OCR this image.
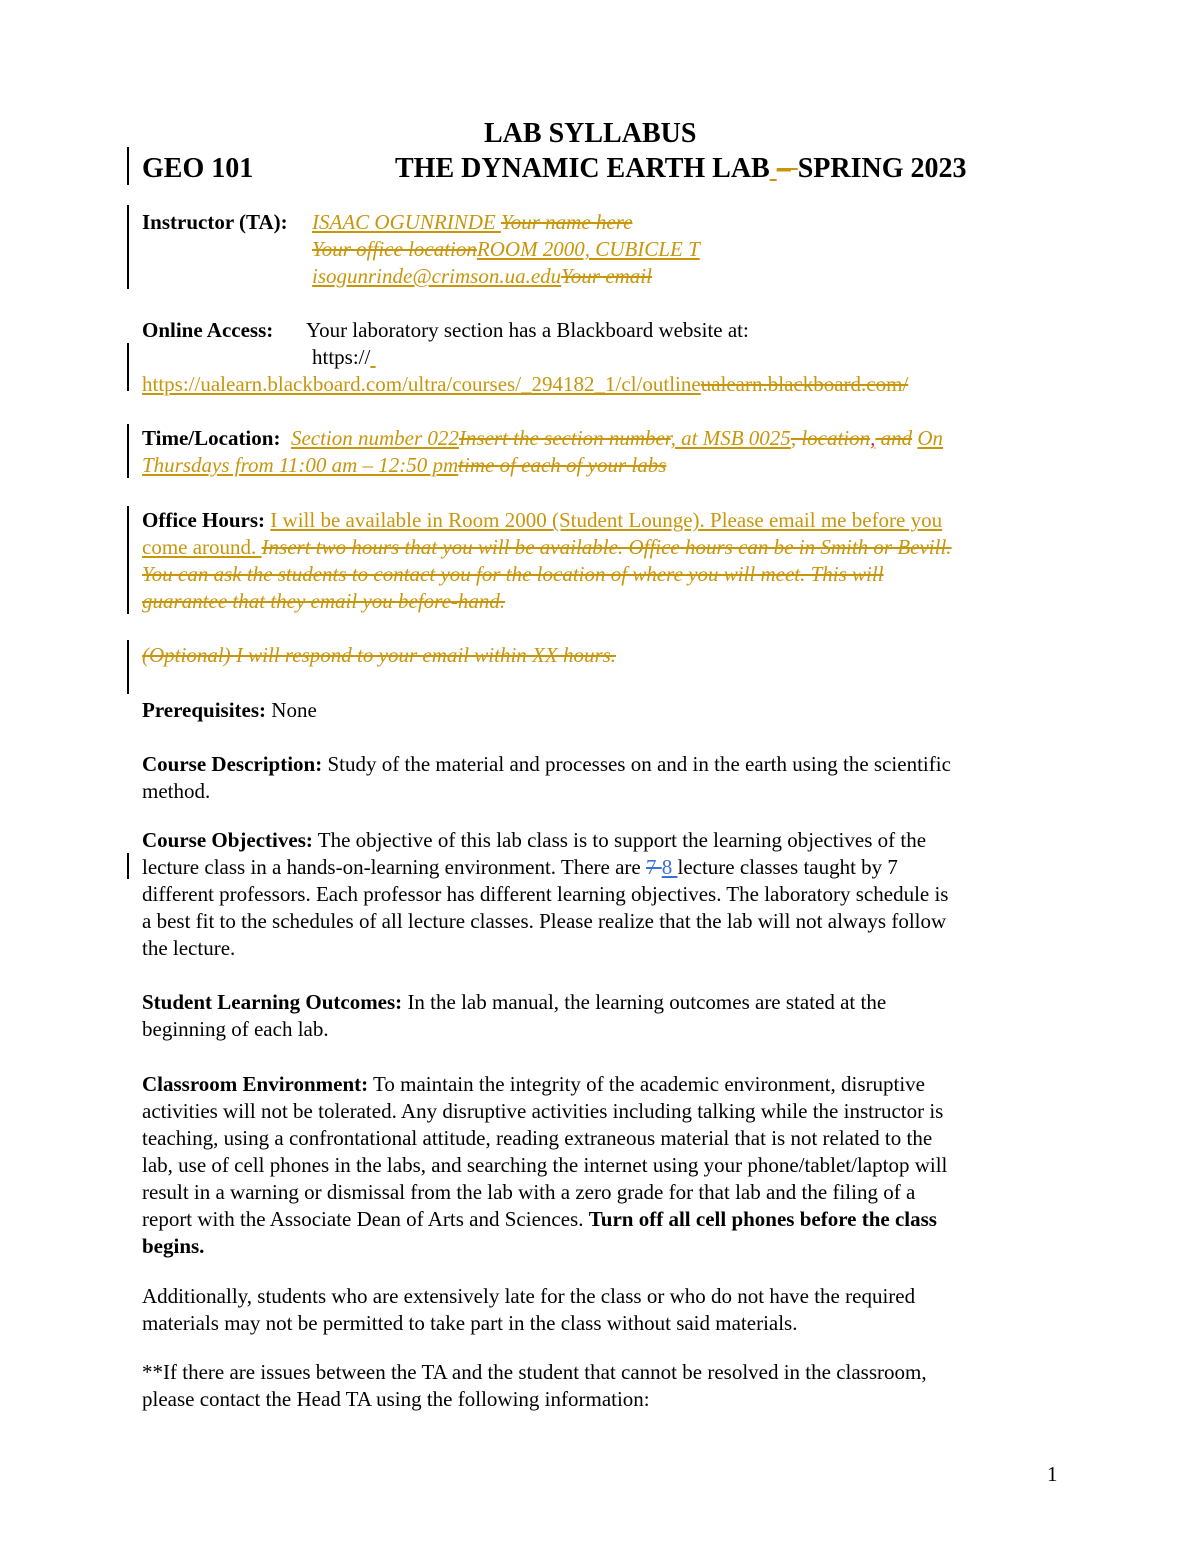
LAB SYLLABUS
GEO 101	THE DYNAMIC EARTH LAB – SPRING 2023
Instructor (TA): ISAAC OGUNRINDE Your name here
Your office locationROOM 2000, CUBICLE T
isogunrinde@crimson.ua.eduYour email
Online Access: Your laboratory section has a Blackboard website at:
https://
https://ualearn.blackboard.com/ultra/courses/_294182_1/cl/outlineualearn.blackboard.com/
Time/Location: Section number 022Insert the section number, at MSB 0025, location, and On
Thursdays from 11:00 am – 12:50 pmtime of each of your labs
Office Hours: I will be available in Room 2000 (Student Lounge). Please email me before you
come around. Insert two hours that you will be available. Office hours can be in Smith or Bevill.
You can ask the students to contact you for the location of where you will meet. This will
guarantee that they email you before-hand.
(Optional) I will respond to your email within XX hours.
Prerequisites: None
Course Description: Study of the material and processes on and in the earth using the scientific
method.
Course Objectives: The objective of this lab class is to support the learning objectives of the
lecture class in a hands-on-learning environment. There are 7 8 lecture classes taught by 7
different professors. Each professor has different learning objectives. The laboratory schedule is
a best fit to the schedules of all lecture classes. Please realize that the lab will not always follow
the lecture.
Student Learning Outcomes: In the lab manual, the learning outcomes are stated at the
beginning of each lab.
Classroom Environment: To maintain the integrity of the academic environment, disruptive
activities will not be tolerated. Any disruptive activities including talking while the instructor is
teaching, using a confrontational attitude, reading extraneous material that is not related to the
lab, use of cell phones in the labs, and searching the internet using your phone/tablet/laptop will
result in a warning or dismissal from the lab with a zero grade for that lab and the filing of a
report with the Associate Dean of Arts and Sciences. Turn off all cell phones before the class
begins.
Additionally, students who are extensively late for the class or who do not have the required
materials may not be permitted to take part in the class without said materials.
**If there are issues between the TA and the student that cannot be resolved in the classroom,
please contact the Head TA using the following information:
1
